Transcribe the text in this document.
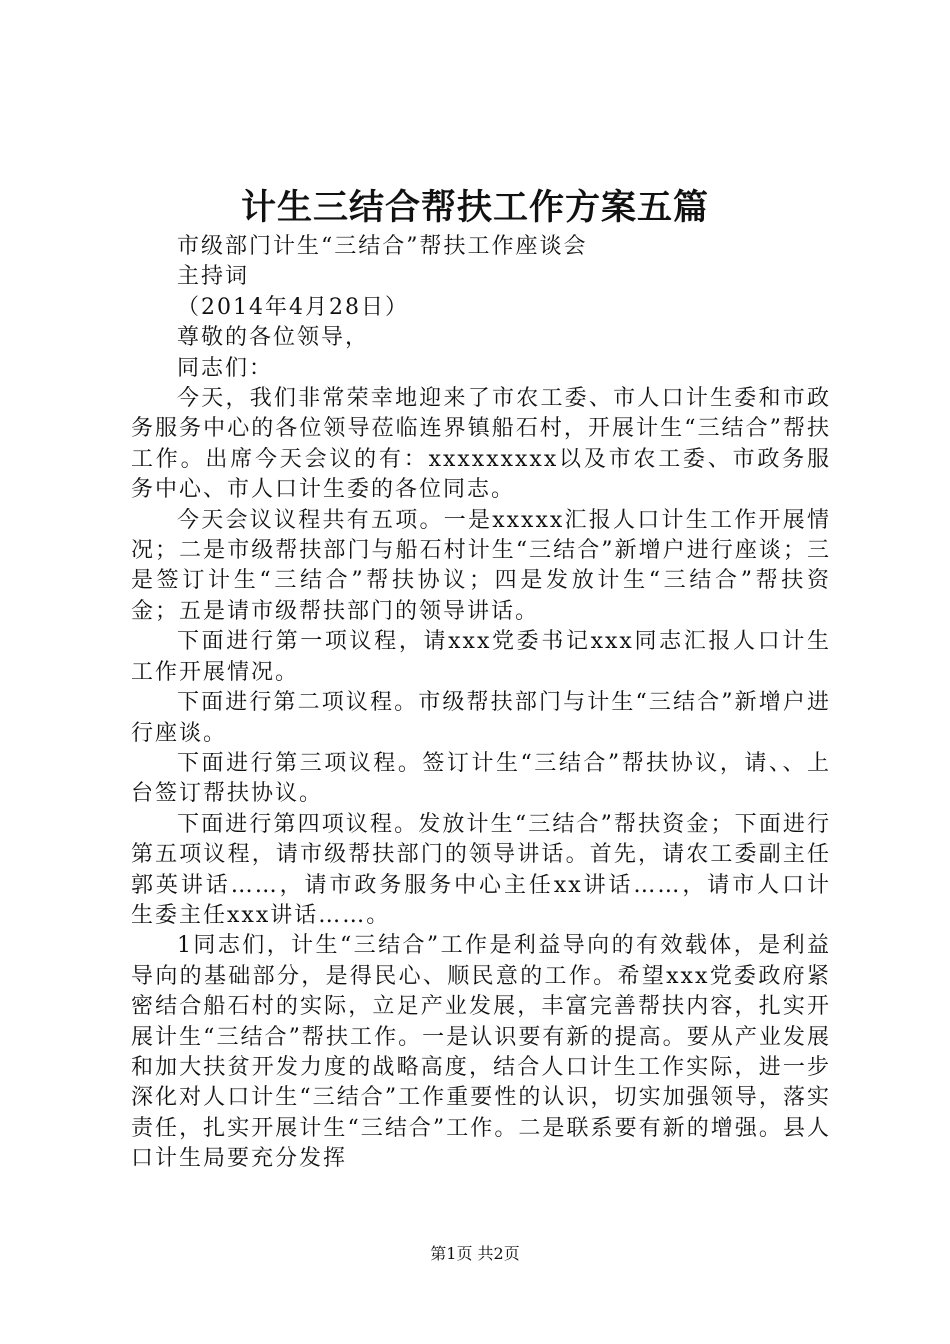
计生三结合帮扶工作方案五篇

市级部门计生“三结合”帮扶工作座谈会

主持词

（2014年4月28日）

尊敬的各位领导，

同志们：

今天，我们非常荣幸地迎来了市农工委、市人口计生委和市政务服务中心的各位领导莅临连界镇船石村，开展计生“三结合”帮扶工作。出席今天会议的有：xxxxxxxxx以及市农工委、市政务服务中心、市人口计生委的各位同志。

今天会议议程共有五项。一是xxxxx汇报人口计生工作开展情况；二是市级帮扶部门与船石村计生“三结合”新增户进行座谈；三是签订计生“三结合”帮扶协议；四是发放计生“三结合”帮扶资金；五是请市级帮扶部门的领导讲话。

下面进行第一项议程，请xxx党委书记xxx同志汇报人口计生工作开展情况。

下面进行第二项议程。市级帮扶部门与计生“三结合”新增户进行座谈。

下面进行第三项议程。签订计生“三结合”帮扶协议，请、、上台签订帮扶协议。

下面进行第四项议程。发放计生“三结合”帮扶资金；下面进行第五项议程，请市级帮扶部门的领导讲话。首先，请农工委副主任郭英讲话……，请市政务服务中心主任xx讲话……，请市人口计生委主任xxx讲话……。

1同志们，计生“三结合”工作是利益导向的有效载体，是利益导向的基础部分，是得民心、顺民意的工作。希望xxx党委政府紧密结合船石村的实际，立足产业发展，丰富完善帮扶内容，扎实开展计生“三结合”帮扶工作。一是认识要有新的提高。要从产业发展和加大扶贫开发力度的战略高度，结合人口计生工作实际，进一步深化对人口计生“三结合”工作重要性的认识，切实加强领导，落实责任，扎实开展计生“三结合”工作。二是联系要有新的增强。县人口计生局要充分发挥

第1页 共2页
